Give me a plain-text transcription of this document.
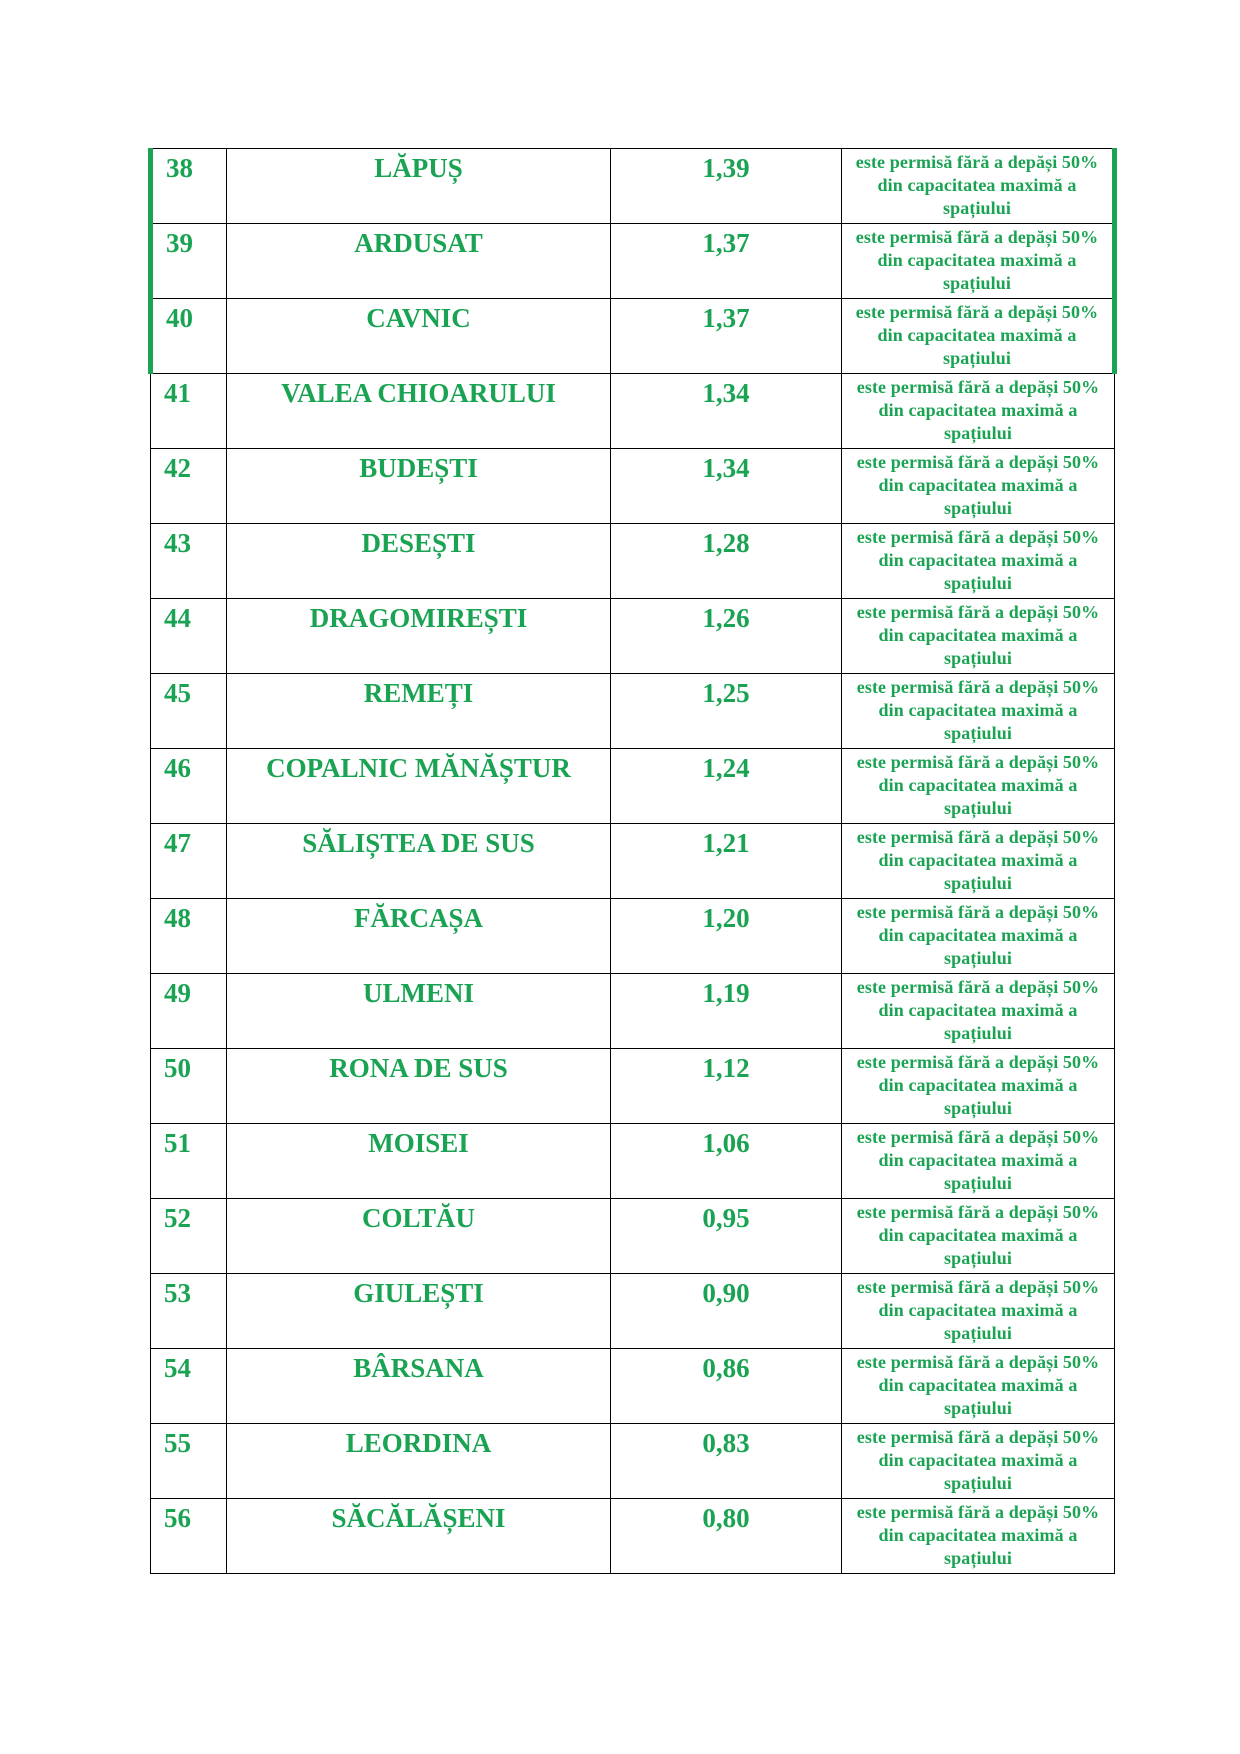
38	LĂPUȘ	1,39	este permisă fără a depăși 50% din capacitatea maximă a spațiului

39	ARDUSAT	1,37	este permisă fără a depăși 50% din capacitatea maximă a spațiului

40	CAVNIC	1,37	este permisă fără a depăși 50% din capacitatea maximă a spațiului

41	VALEA CHIOARULUI	1,34	este permisă fără a depăși 50% din capacitatea maximă a spațiului

42	BUDEȘTI	1,34	este permisă fără a depăși 50% din capacitatea maximă a spațiului

43	DESEȘTI	1,28	este permisă fără a depăși 50% din capacitatea maximă a spațiului

44	DRAGOMIREȘTI	1,26	este permisă fără a depăși 50% din capacitatea maximă a spațiului

45	REMEȚI	1,25	este permisă fără a depăși 50% din capacitatea maximă a spațiului

46	COPALNIC MĂNĂȘTUR	1,24	este permisă fără a depăși 50% din capacitatea maximă a spațiului

47	SĂLIȘTEA DE SUS	1,21	este permisă fără a depăși 50% din capacitatea maximă a spațiului

48	FĂRCAȘA	1,20	este permisă fără a depăși 50% din capacitatea maximă a spațiului

49	ULMENI	1,19	este permisă fără a depăși 50% din capacitatea maximă a spațiului

50	RONA DE SUS	1,12	este permisă fără a depăși 50% din capacitatea maximă a spațiului

51	MOISEI	1,06	este permisă fără a depăși 50% din capacitatea maximă a spațiului

52	COLTĂU	0,95	este permisă fără a depăși 50% din capacitatea maximă a spațiului

53	GIULEȘTI	0,90	este permisă fără a depăși 50% din capacitatea maximă a spațiului

54	BÂRSANA	0,86	este permisă fără a depăși 50% din capacitatea maximă a spațiului

55	LEORDINA	0,83	este permisă fără a depăși 50% din capacitatea maximă a spațiului

56	SĂCĂLĂȘENI	0,80	este permisă fără a depăși 50% din capacitatea maximă a spațiului
